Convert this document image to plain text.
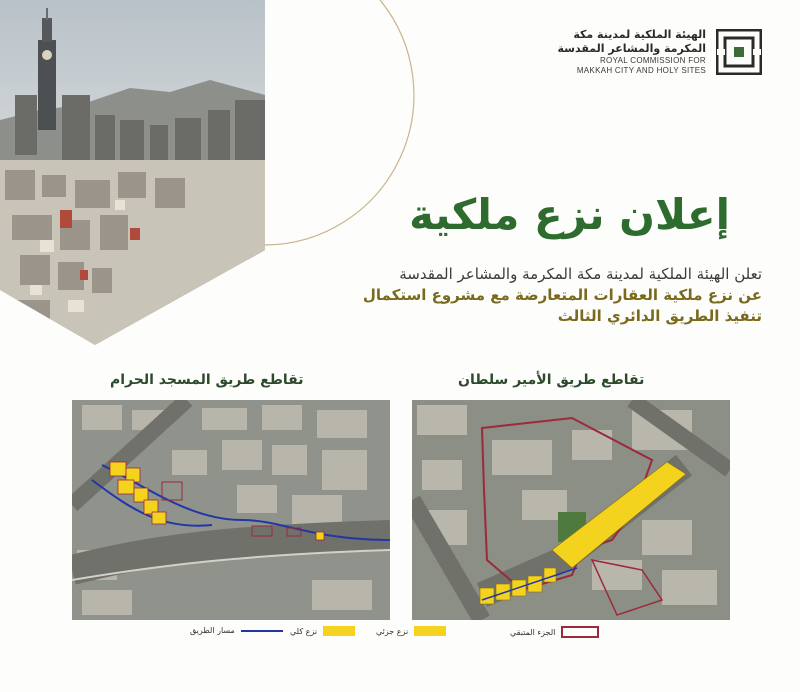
الهيئة الملكية لمدينة مكة
المكرمة والمشاعر المقدسة
ROYAL COMMISSION FOR
MAKKAH CITY AND HOLY SITES
إعلان نزع ملكية
تعلن الهيئة الملكية لمدينة مكة المكرمة والمشاعر المقدسة
عن نزع ملكية العقارات المتعارضة مع مشروع استكمال
تنفيذ الطريق الدائري الثالث
تقاطع طريق المسجد الحرام	تقاطع طريق الأمير سلطان
الجزء المتبقي
نزع جزئي
نزع كلي
مسار الطريق
